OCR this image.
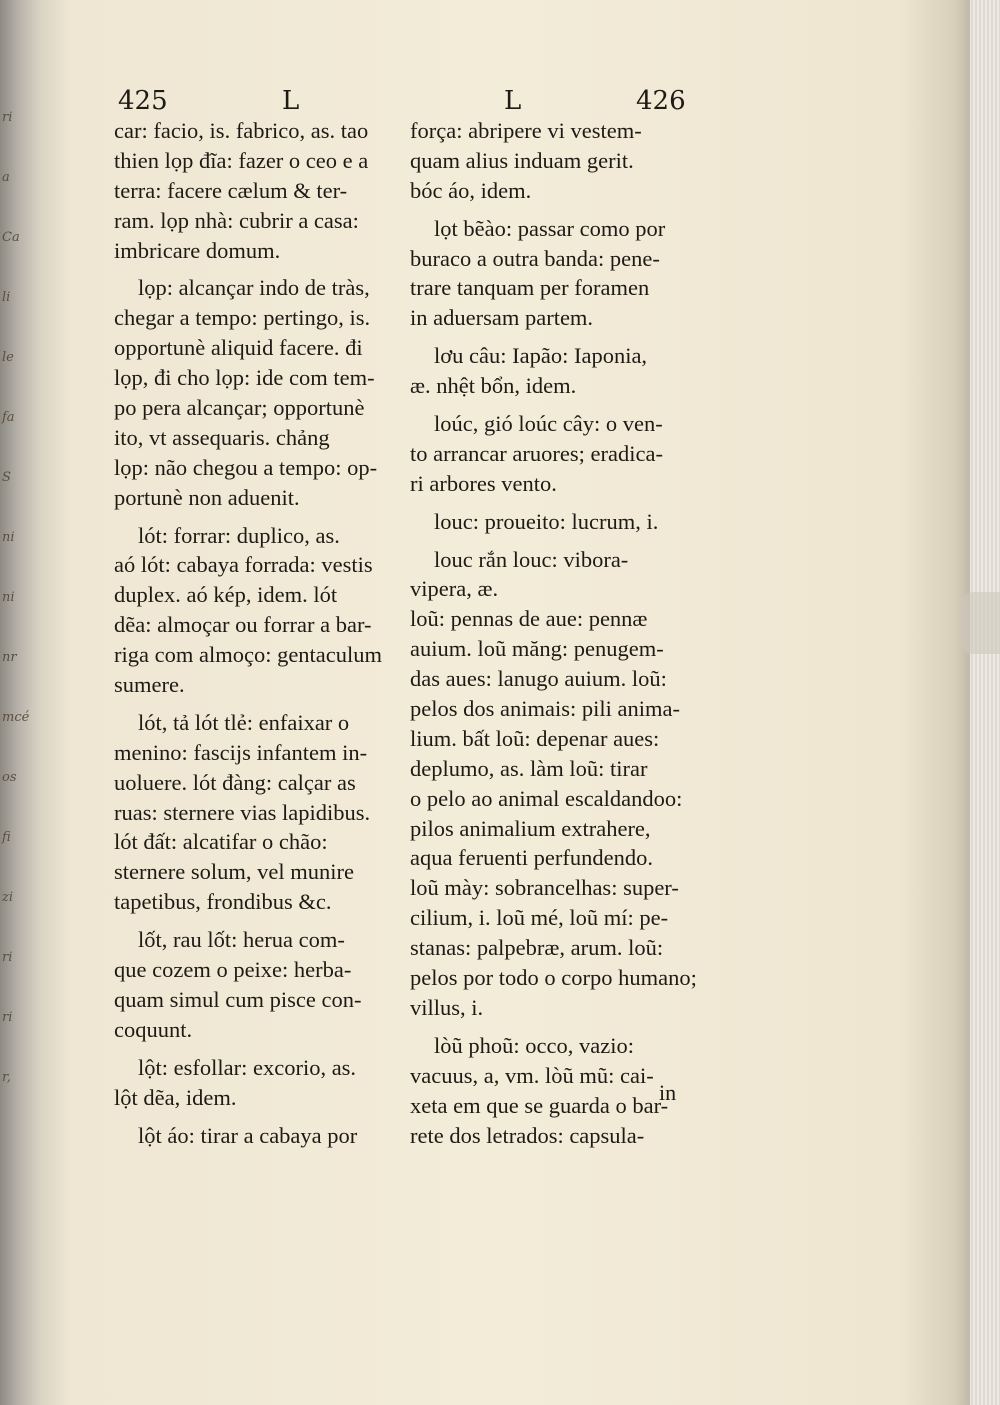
ri
a
Ca
li
le
fa
S
ni
ni
nr
mcé
os
fi
zi
ri
ri
r,
425	L	L	426
car: facio, is. fabrico, as. tao
thien lọp đĩa: fazer o ceo e a
terra: facere cælum & ter-
ram. lọp nhà: cubrir a casa:
imbricare domum.
lọp: alcançar indo de tràs,
chegar a tempo: pertingo, is.
opportunè aliquid facere. đi
lọp, đi cho lọp: ide com tem-
po pera alcançar; opportunè
ito, vt assequaris. chảng
lọp: não chegou a tempo: op-
portunè non aduenit.
lót: forrar: duplico, as.
aó lót: cabaya forrada: vestis
duplex. aó kép, idem. lót
dẽa: almoçar ou forrar a bar-
riga com almoço: gentaculum
sumere.
lót, tả lót tlẻ: enfaixar o
menino: fascijs infantem in-
uoluere. lót đàng: calçar as
ruas: sternere vias lapidibus.
lót đất: alcatifar o chão:
sternere solum, vel munire
tapetibus, frondibus &c.
lốt, rau lốt: herua com-
que cozem o peixe: herba-
quam simul cum pisce con-
coquunt.
lột: esfollar: excorio, as.
lột dẽa, idem.
lột áo: tirar a cabaya por
força: abripere vi vestem-
quam alius induam gerit.
bóc áo, idem.
lọt bẽào: passar como por
buraco a outra banda: pene-
trare tanquam per foramen
in aduersam partem.
lơu câu: Iapão: Iaponia,
æ. nhệt bổn, idem.
loúc, gió loúc cây: o ven-
to arrancar aruores; eradica-
ri arbores vento.
louc: proueito: lucrum, i.
louc rắn louc: vibora-
vipera, æ.
loũ: pennas de aue: pennæ
auium. loũ măng: penugem-
das aues: lanugo auium. loũ:
pelos dos animais: pili anima-
lium. bất loũ: depenar aues:
deplumo, as. làm loũ: tirar
o pelo ao animal escaldandoo:
pilos animalium extrahere,
aqua feruenti perfundendo.
loũ mày: sobrancelhas: super-
cilium, i. loũ mé, loũ mí: pe-
stanas: palpebræ, arum. loũ:
pelos por todo o corpo humano;
villus, i.
lòũ phoũ: occo, vazio:
vacuus, a, vm. lòũ mũ: cai-
xeta em que se guarda o bar-
rete dos letrados: capsula-
in
